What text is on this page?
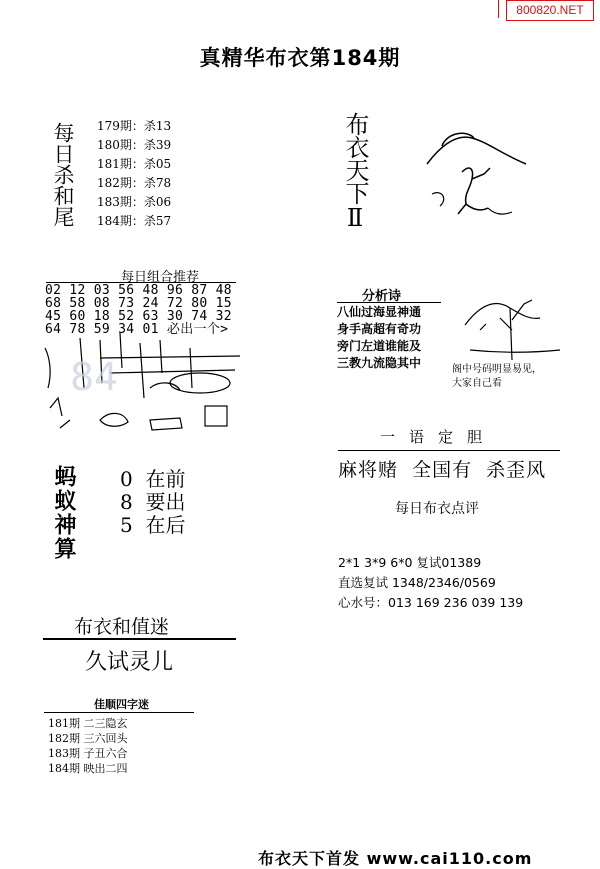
800820.NET
真精华布衣第184期
每日杀和尾 179期：杀13
180期：杀39
181期：杀05
182期：杀78
183期：杀06
184期：杀57	布衣天下Ⅱ
每日组合推荐
02 12 03 56 48 96 87 48
68 58 08 73 24 72 80 15
45 60 18 52 63 30 74 32
64 78 59 34 01 必出一个>
84
分析诗
八仙过海显神通
身手高超有奇功
旁门左道谁能及
三教九流隐其中	阁中号码明显易见，
大家自己看
蚂蚁神算 0 在前
8 要出
5 在后
一语定胆
麻将赌  全国有  杀歪风
每日布衣点评
2*1 3*9 6*0 复试01389
直选复试 1348/2346/0569
心水号：013 169 236 039 139
布衣和值迷
久试灵儿
佳顺四字迷
181期 二三隐玄
182期 三六回头
183期 子丑六合
184期 映出二四
布衣天下首发 www.cai110.com
